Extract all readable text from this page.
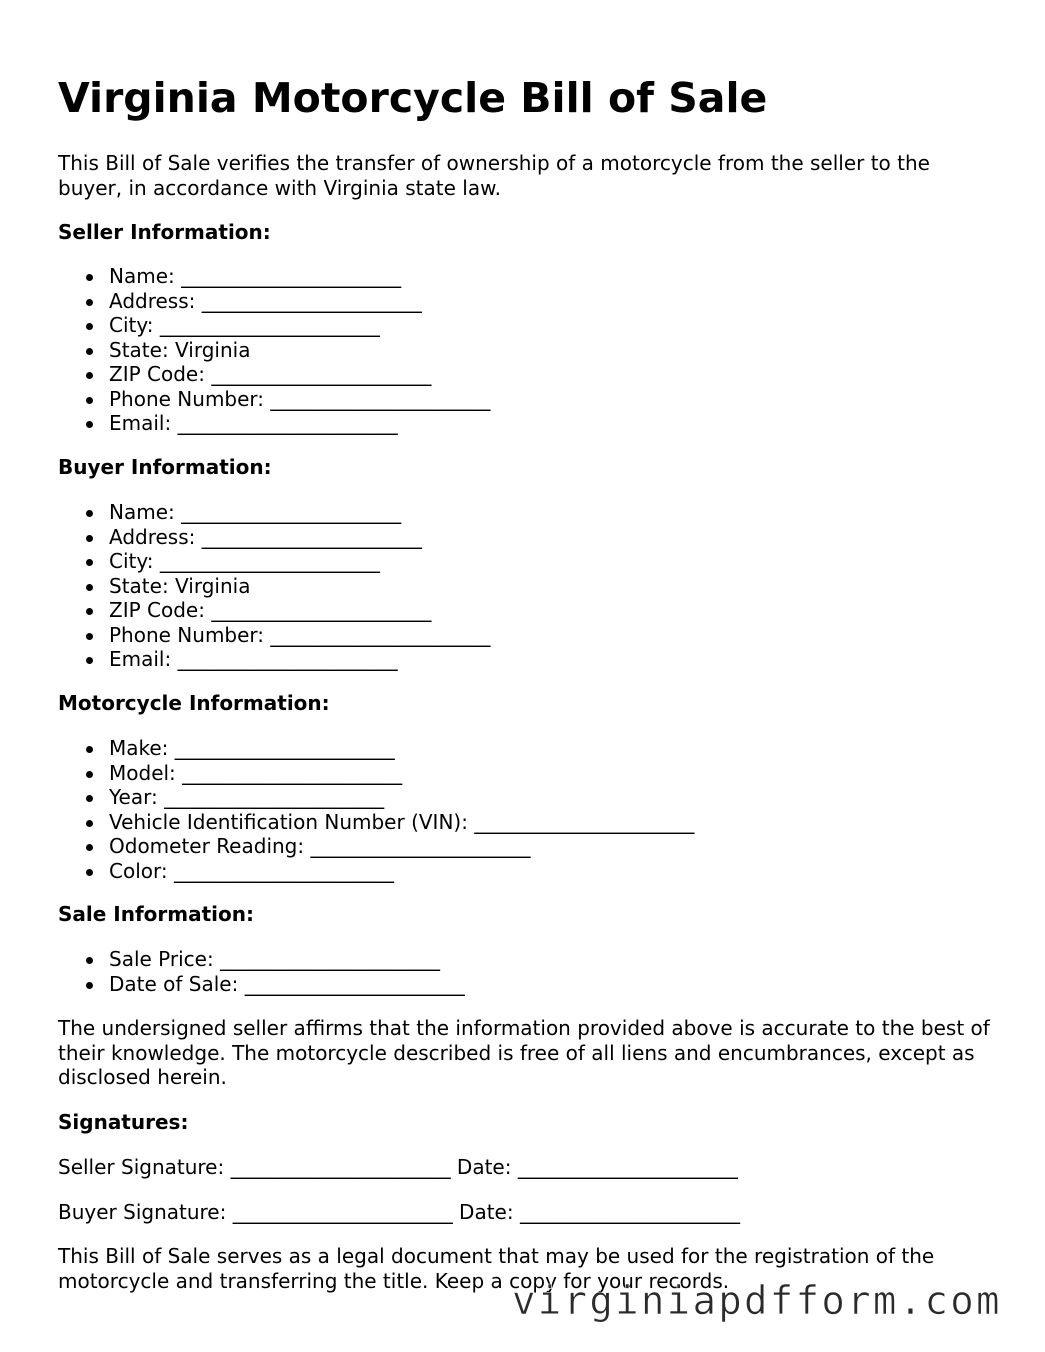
Virginia Motorcycle Bill of Sale

This Bill of Sale verifies the transfer of ownership of a motorcycle from the seller to the buyer, in accordance with Virginia state law.

Seller Information:
Name: ______________________
Address: ______________________
City: ______________________
State: Virginia
ZIP Code: ______________________
Phone Number: ______________________
Email: ______________________
Buyer Information:
Name: ______________________
Address: ______________________
City: ______________________
State: Virginia
ZIP Code: ______________________
Phone Number: ______________________
Email: ______________________
Motorcycle Information:
Make: ______________________
Model: ______________________
Year: ______________________
Vehicle Identification Number (VIN): ______________________
Odometer Reading: ______________________
Color: ______________________
Sale Information:
Sale Price: ______________________
Date of Sale: ______________________

The undersigned seller affirms that the information provided above is accurate to the best of their knowledge. The motorcycle described is free of all liens and encumbrances, except as disclosed herein.

Signatures:
Seller Signature: ______________________ Date: ______________________
Buyer Signature: ______________________ Date: ______________________

This Bill of Sale serves as a legal document that may be used for the registration of the motorcycle and transferring the title. Keep a copy for your records.

virginiapdfform.com
